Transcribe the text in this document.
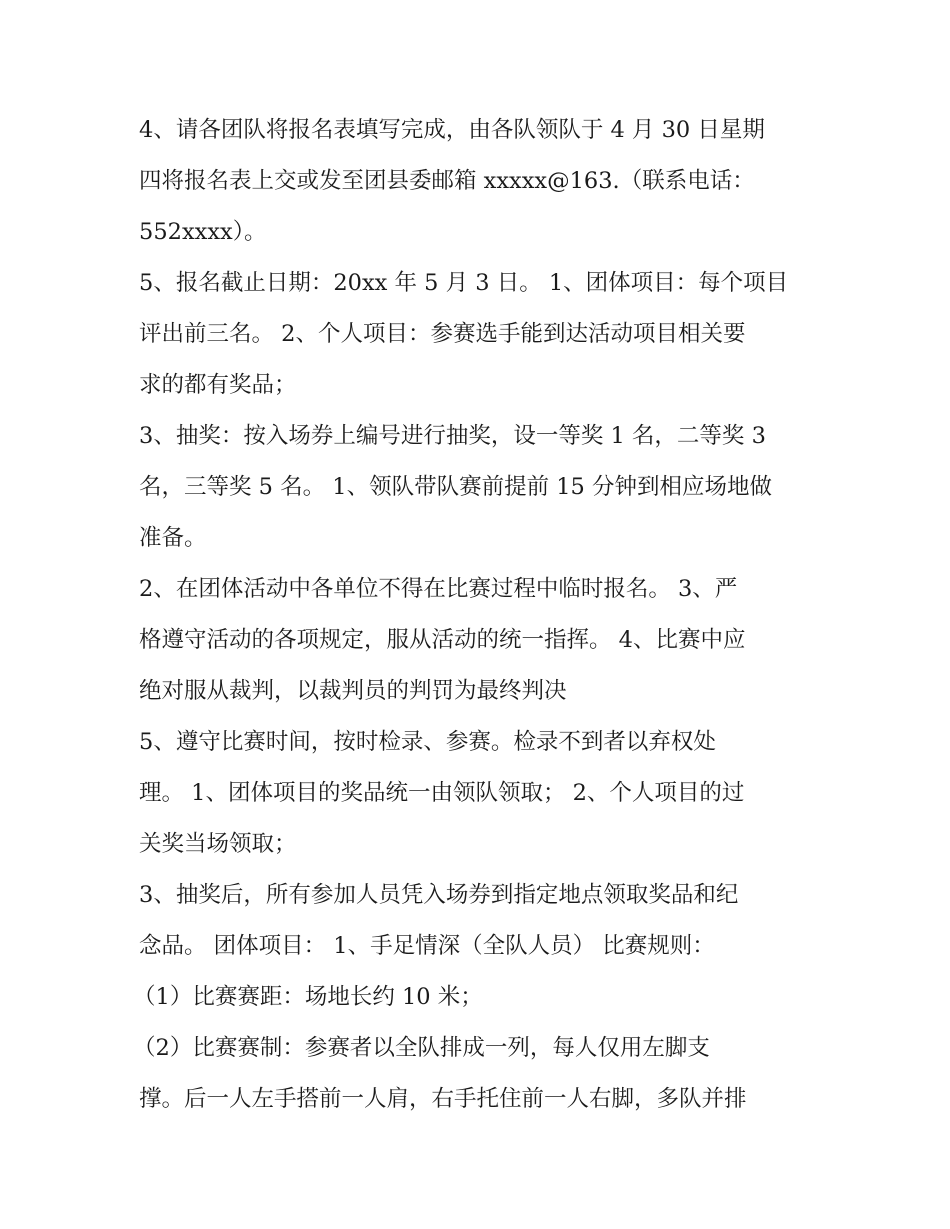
4、请各团队将报名表填写完成，由各队领队于 4 月 30 日星期
四将报名表上交或发至团县委邮箱 xxxxx@163.（联系电话：
552xxxx）。
5、报名截止日期：20xx 年 5 月 3 日。 1、团体项目：每个项目
评出前三名。 2、个人项目：参赛选手能到达活动项目相关要
求的都有奖品；
3、抽奖：按入场券上编号进行抽奖，设一等奖 1 名，二等奖 3
名，三等奖 5 名。 1、领队带队赛前提前 15 分钟到相应场地做
准备。
2、在团体活动中各单位不得在比赛过程中临时报名。 3、严
格遵守活动的各项规定，服从活动的统一指挥。 4、比赛中应
绝对服从裁判，以裁判员的判罚为最终判决
5、遵守比赛时间，按时检录、参赛。检录不到者以弃权处
理。 1、团体项目的奖品统一由领队领取； 2、个人项目的过
关奖当场领取；
3、抽奖后，所有参加人员凭入场券到指定地点领取奖品和纪
念品。 团体项目： 1、手足情深（全队人员） 比赛规则：
（1）比赛赛距：场地长约 10 米；
（2）比赛赛制：参赛者以全队排成一列，每人仅用左脚支
撑。后一人左手搭前一人肩，右手托住前一人右脚，多队并排
